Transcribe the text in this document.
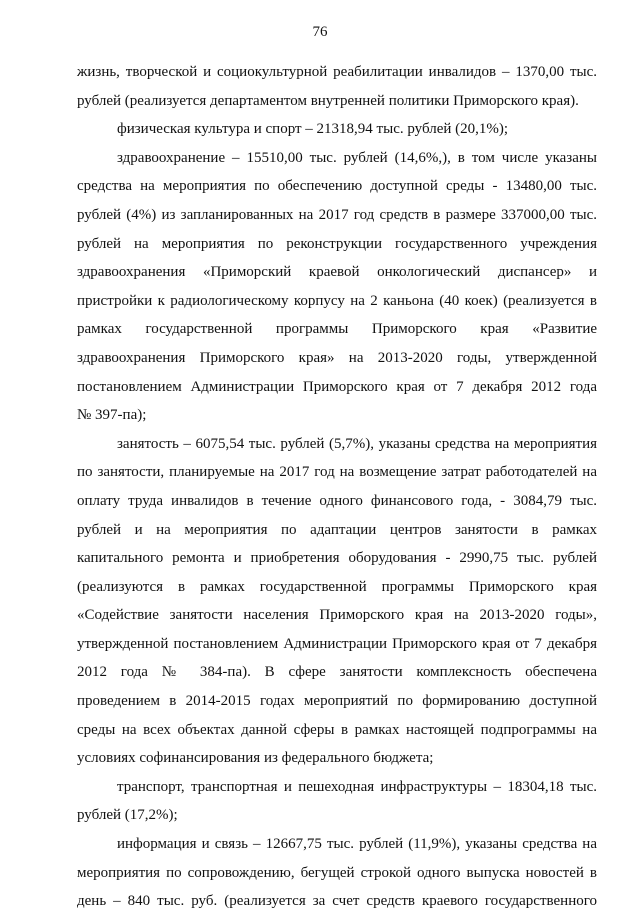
76
жизнь, творческой и социокультурной реабилитации инвалидов – 1370,00 тыс.
рублей (реализуется департаментом внутренней политики Приморского края).
физическая культура и спорт – 21318,94 тыс. рублей (20,1%);
здравоохранение – 15510,00 тыс. рублей (14,6%,), в том числе указаны
средства на мероприятия по обеспечению доступной среды - 13480,00 тыс.
рублей (4%) из запланированных на 2017 год средств в размере 337000,00 тыс.
рублей на мероприятия по реконструкции государственного учреждения
здравоохранения «Приморский краевой онкологический диспансер» и
пристройки к радиологическому корпусу на 2 каньона (40 коек) (реализуется в
рамках государственной программы Приморского края «Развитие
здравоохранения Приморского края» на 2013-2020 годы, утвержденной
постановлением Администрации Приморского края от 7 декабря 2012 года
№ 397-па);
занятость – 6075,54 тыс. рублей (5,7%), указаны средства на мероприятия
по занятости, планируемые на 2017 год на возмещение затрат работодателей на
оплату труда инвалидов в течение одного финансового года, - 3084,79 тыс.
рублей и на мероприятия по адаптации центров занятости в рамках
капитального ремонта и приобретения оборудования - 2990,75 тыс. рублей
(реализуются в рамках государственной программы Приморского края
«Содействие занятости населения Приморского края на 2013-2020 годы»,
утвержденной постановлением Администрации Приморского края от 7 декабря
2012 года № 384-па). В сфере занятости комплексность обеспечена
проведением в 2014-2015 годах мероприятий по формированию доступной
среды на всех объектах данной сферы в рамках настоящей подпрограммы на
условиях софинансирования из федерального бюджета;
транспорт, транспортная и пешеходная инфраструктуры – 18304,18 тыс.
рублей (17,2%);
информация и связь – 12667,75 тыс. рублей (11,9%), указаны средства на
мероприятия по сопровождению, бегущей строкой одного выпуска новостей в
день – 840 тыс. руб. (реализуется за счет средств краевого государственного
